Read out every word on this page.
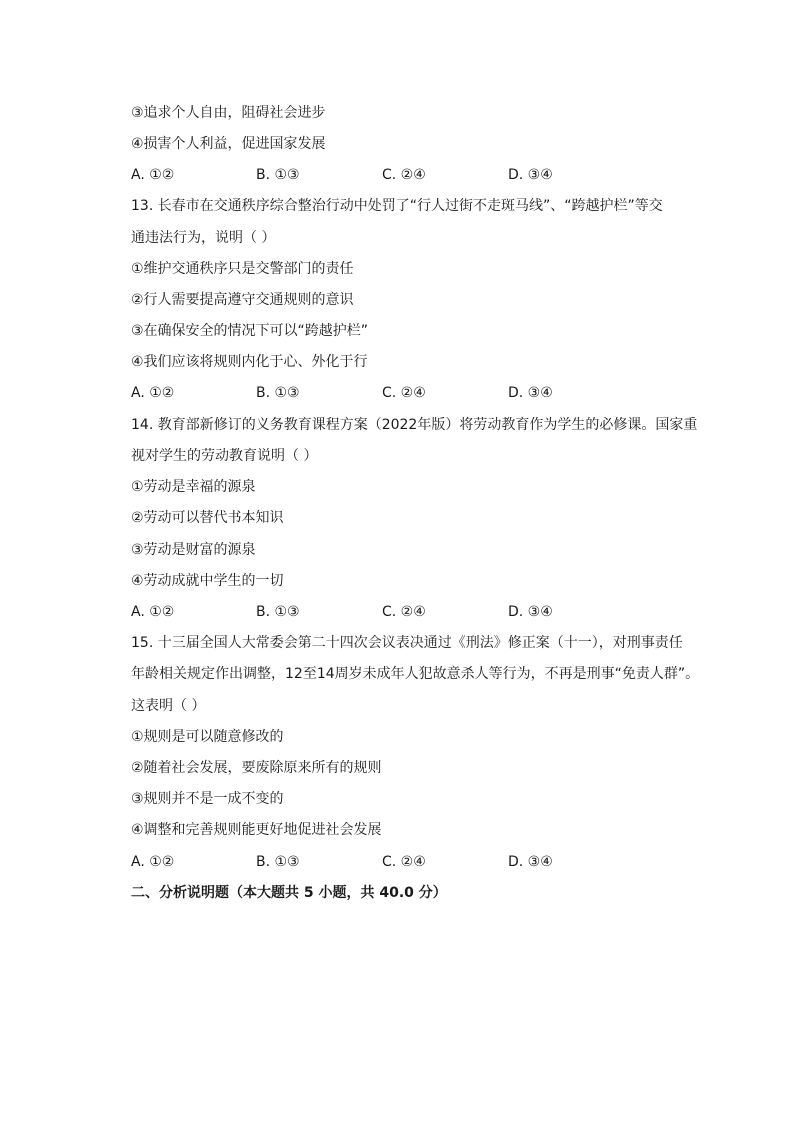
③追求个人自由，阻碍社会进步
④损害个人利益，促进国家发展
A. ①②	B. ①③	C. ②④	D. ③④
13. 长春市在交通秩序综合整治行动中处罚了“行人过街不走斑马线”、“跨越护栏”等交
通违法行为，说明（ ）
①维护交通秩序只是交警部门的责任
②行人需要提高遵守交通规则的意识
③在确保安全的情况下可以“跨越护栏”
④我们应该将规则内化于心、外化于行
A. ①②	B. ①③	C. ②④	D. ③④
14. 教育部新修订的义务教育课程方案（2022年版）将劳动教育作为学生的必修课。国家重
视对学生的劳动教育说明（ ）
①劳动是幸福的源泉
②劳动可以替代书本知识
③劳动是财富的源泉
④劳动成就中学生的一切
A. ①②	B. ①③	C. ②④	D. ③④
15. 十三届全国人大常委会第二十四次会议表决通过《刑法》修正案（十一），对刑事责任
年龄相关规定作出调整，12至14周岁未成年人犯故意杀人等行为，不再是刑事“免责人群”。
这表明（ ）
①规则是可以随意修改的
②随着社会发展，要废除原来所有的规则
③规则并不是一成不变的
④调整和完善规则能更好地促进社会发展
A. ①②	B. ①③	C. ②④	D. ③④
二、分析说明题（本大题共 5 小题，共 40.0 分）
